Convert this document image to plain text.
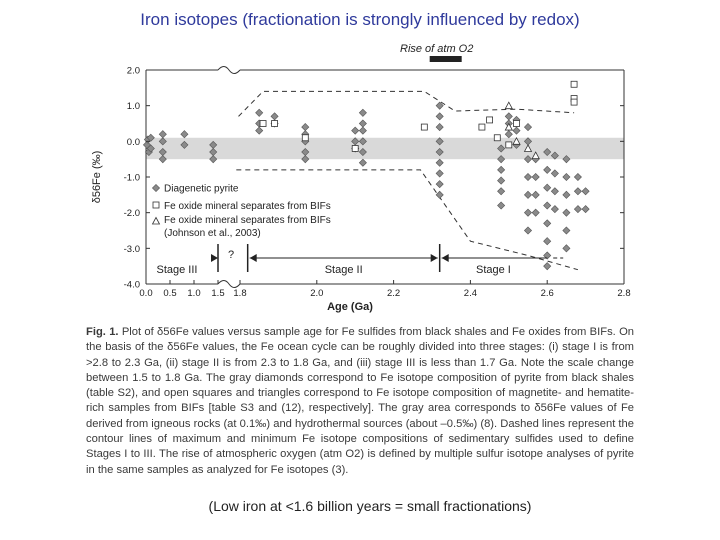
Iron isotopes (fractionation is strongly influenced by redox)
Rise of atm O2
2.0
1.0
0.0
-1.0
-2.0
-3.0
-4.0
0.0 0.5 1.0 1.5 1.8	2.0	2.2	2.4	2.6	2.8
Age (Ga)
δ56Fe (‰)	Diagenetic pyrite
Fe oxide mineral separates from BIFs
Fe oxide mineral separates from BIFs (Johnson et al., 2003)
Stage III
?
Stage II	Stage I
Fig. 1. Plot of δ56Fe values versus sample age for Fe sulfides from black shales and Fe oxides from BIFs. On the basis of the δ56Fe values, the Fe ocean cycle can be roughly divided into three stages: (i) stage I is from >2.8 to 2.3 Ga, (ii) stage II is from 2.3 to 1.8 Ga, and (iii) stage III is less than 1.7 Ga. Note the scale change between 1.5 to 1.8 Ga. The gray diamonds correspond to Fe isotope composition of pyrite from black shales (table S2), and open squares and triangles correspond to Fe isotope composition of magnetite- and hematite-rich samples from BIFs [table S3 and (12), respectively]. The gray area corresponds to δ56Fe values of Fe derived from igneous rocks (at 0.1‰) and hydrothermal sources (about –0.5‰) (8). Dashed lines represent the contour lines of maximum and minimum Fe isotope compositions of sedimentary sulfides used to define Stages I to III. The rise of atmospheric oxygen (atm O2) is defined by multiple sulfur isotope analyses of pyrite in the same samples as analyzed for Fe isotopes (3).
(Low iron at <1.6 billion years = small fractionations)
